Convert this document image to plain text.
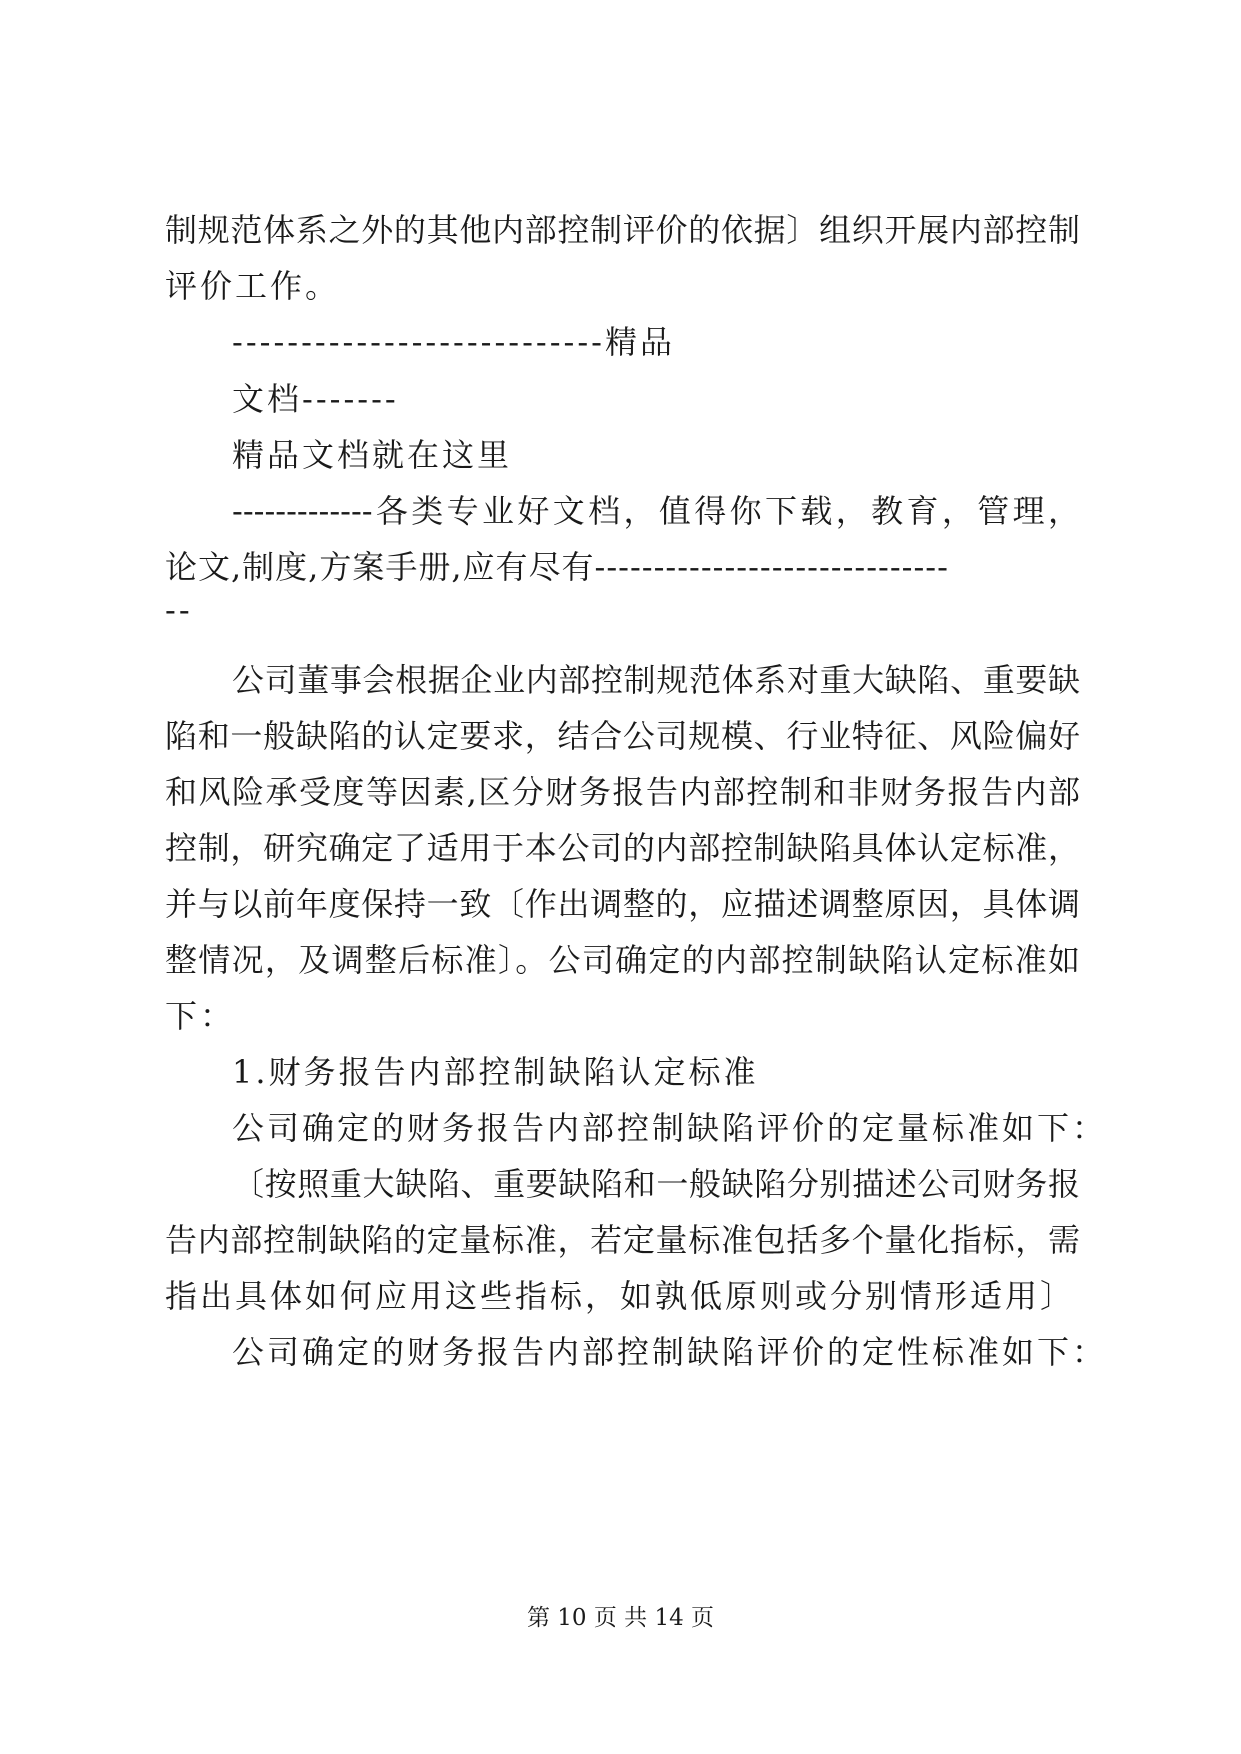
制规范体系之外的其他内部控制评价的依据〕组织开展内部控制
评价工作。
---------------------------精品
文档-------
精品文档就在这里
-------------各类专业好文档，值得你下载，教育，管理，
论文,制度,方案手册,应有尽有------------------------------
--
公司董事会根据企业内部控制规范体系对重大缺陷、重要缺
陷和一般缺陷的认定要求，结合公司规模、行业特征、风险偏好
和风险承受度等因素,区分财务报告内部控制和非财务报告内部
控制，研究确定了适用于本公司的内部控制缺陷具体认定标准，
并与以前年度保持一致〔作出调整的，应描述调整原因，具体调
整情况，及调整后标准〕。公司确定的内部控制缺陷认定标准如
下：
1.财务报告内部控制缺陷认定标准
公司确定的财务报告内部控制缺陷评价的定量标准如下：
〔按照重大缺陷、重要缺陷和一般缺陷分别描述公司财务报
告内部控制缺陷的定量标准，若定量标准包括多个量化指标，需
指出具体如何应用这些指标，如孰低原则或分别情形适用〕
公司确定的财务报告内部控制缺陷评价的定性标准如下：
第 10 页 共 14 页
